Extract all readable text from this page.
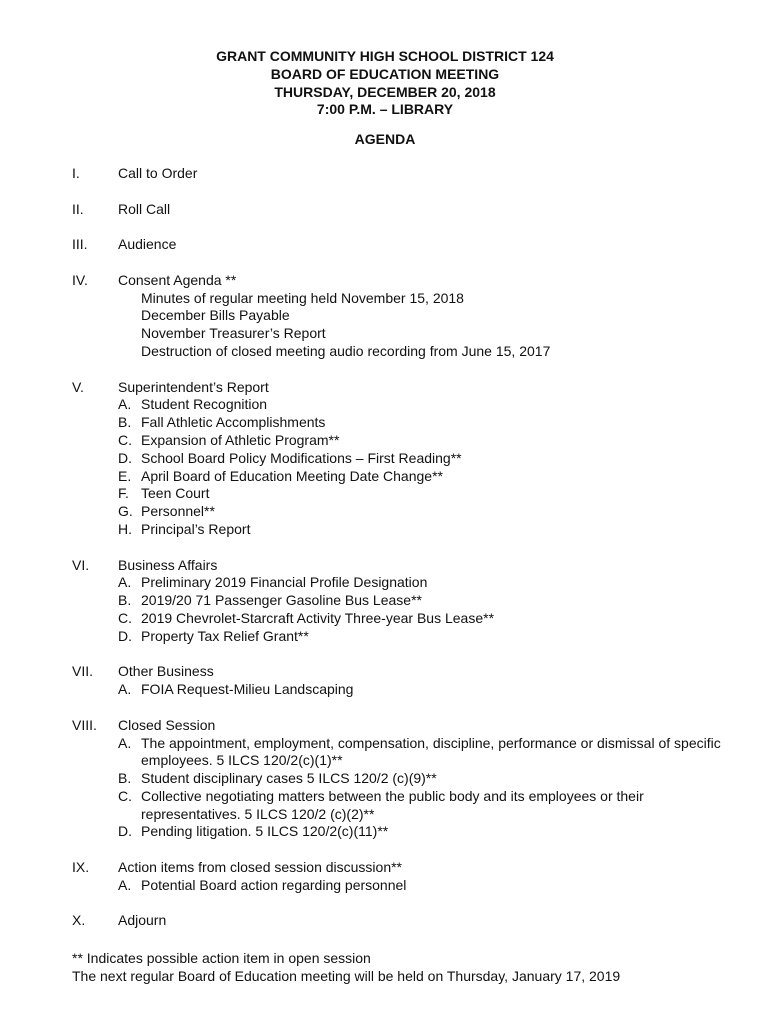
GRANT COMMUNITY HIGH SCHOOL DISTRICT 124
BOARD OF EDUCATION MEETING
THURSDAY, DECEMBER 20, 2018
7:00 P.M. – LIBRARY
AGENDA
I.	Call to Order
II. Roll Call
III. Audience
IV. Consent Agenda **
Minutes of regular meeting held November 15, 2018
December Bills Payable
November Treasurer’s Report
Destruction of closed meeting audio recording from June 15, 2017
V. Superintendent’s Report
A. Student Recognition
B. Fall Athletic Accomplishments
C. Expansion of Athletic Program**
D. School Board Policy Modifications – First Reading**
E. April Board of Education Meeting Date Change**
F. Teen Court
G. Personnel**
H. Principal’s Report
VI. Business Affairs
A. Preliminary 2019 Financial Profile Designation
B. 2019/20 71 Passenger Gasoline Bus Lease**
C. 2019 Chevrolet-Starcraft Activity Three-year Bus Lease**
D. Property Tax Relief Grant**
VII. Other Business
A. FOIA Request-Milieu Landscaping
VIII. Closed Session
A. The appointment, employment, compensation, discipline, performance or dismissal of specific employees. 5 ILCS 120/2(c)(1)**
B. Student disciplinary cases 5 ILCS 120/2 (c)(9)**
C. Collective negotiating matters between the public body and its employees or their representatives. 5 ILCS 120/2 (c)(2)**
D. Pending litigation. 5 ILCS 120/2(c)(11)**
IX. Action items from closed session discussion**
A. Potential Board action regarding personnel
X. Adjourn
** Indicates possible action item in open session
The next regular Board of Education meeting will be held on Thursday, January 17, 2019
